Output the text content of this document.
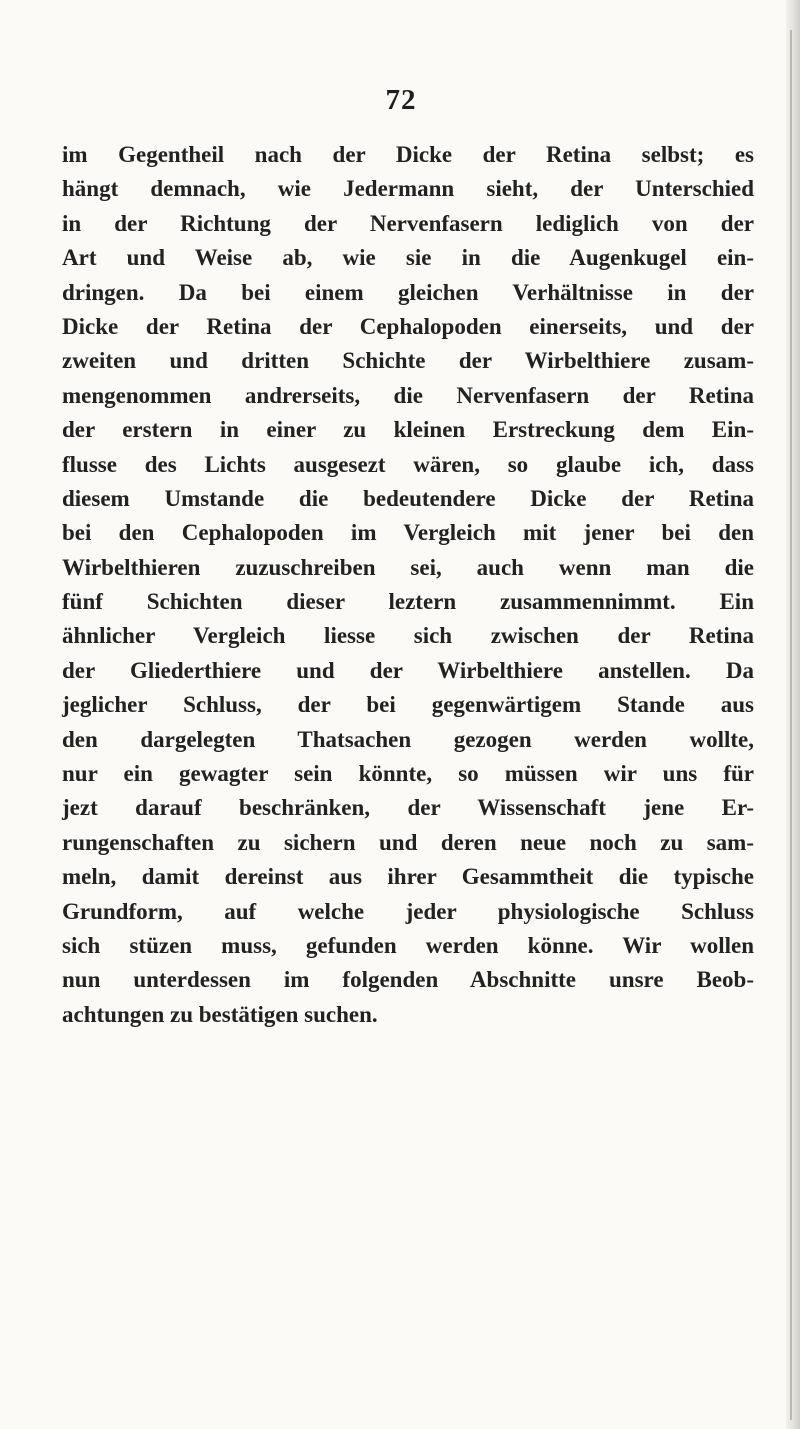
72
im Gegentheil nach der Dicke der Retina selbst; es
hängt demnach, wie Jedermann sieht, der Unterschied
in der Richtung der Nervenfasern lediglich von der
Art und Weise ab, wie sie in die Augenkugel ein-
dringen. Da bei einem gleichen Verhältnisse in der
Dicke der Retina der Cephalopoden einerseits, und der
zweiten und dritten Schichte der Wirbelthiere zusam-
mengenommen andrerseits, die Nervenfasern der Retina
der erstern in einer zu kleinen Erstreckung dem Ein-
flusse des Lichts ausgesezt wären, so glaube ich, dass
diesem Umstande die bedeutendere Dicke der Retina
bei den Cephalopoden im Vergleich mit jener bei den
Wirbelthieren zuzuschreiben sei, auch wenn man die
fünf Schichten dieser leztern zusammennimmt. Ein
ähnlicher Vergleich liesse sich zwischen der Retina
der Gliederthiere und der Wirbelthiere anstellen. Da
jeglicher Schluss, der bei gegenwärtigem Stande aus
den dargelegten Thatsachen gezogen werden wollte,
nur ein gewagter sein könnte, so müssen wir uns für
jezt darauf beschränken, der Wissenschaft jene Er-
rungenschaften zu sichern und deren neue noch zu sam-
meln, damit dereinst aus ihrer Gesammtheit die typische
Grundform, auf welche jeder physiologische Schluss
sich stüzen muss, gefunden werden könne. Wir wollen
nun unterdessen im folgenden Abschnitte unsre Beob-
achtungen zu bestätigen suchen.
